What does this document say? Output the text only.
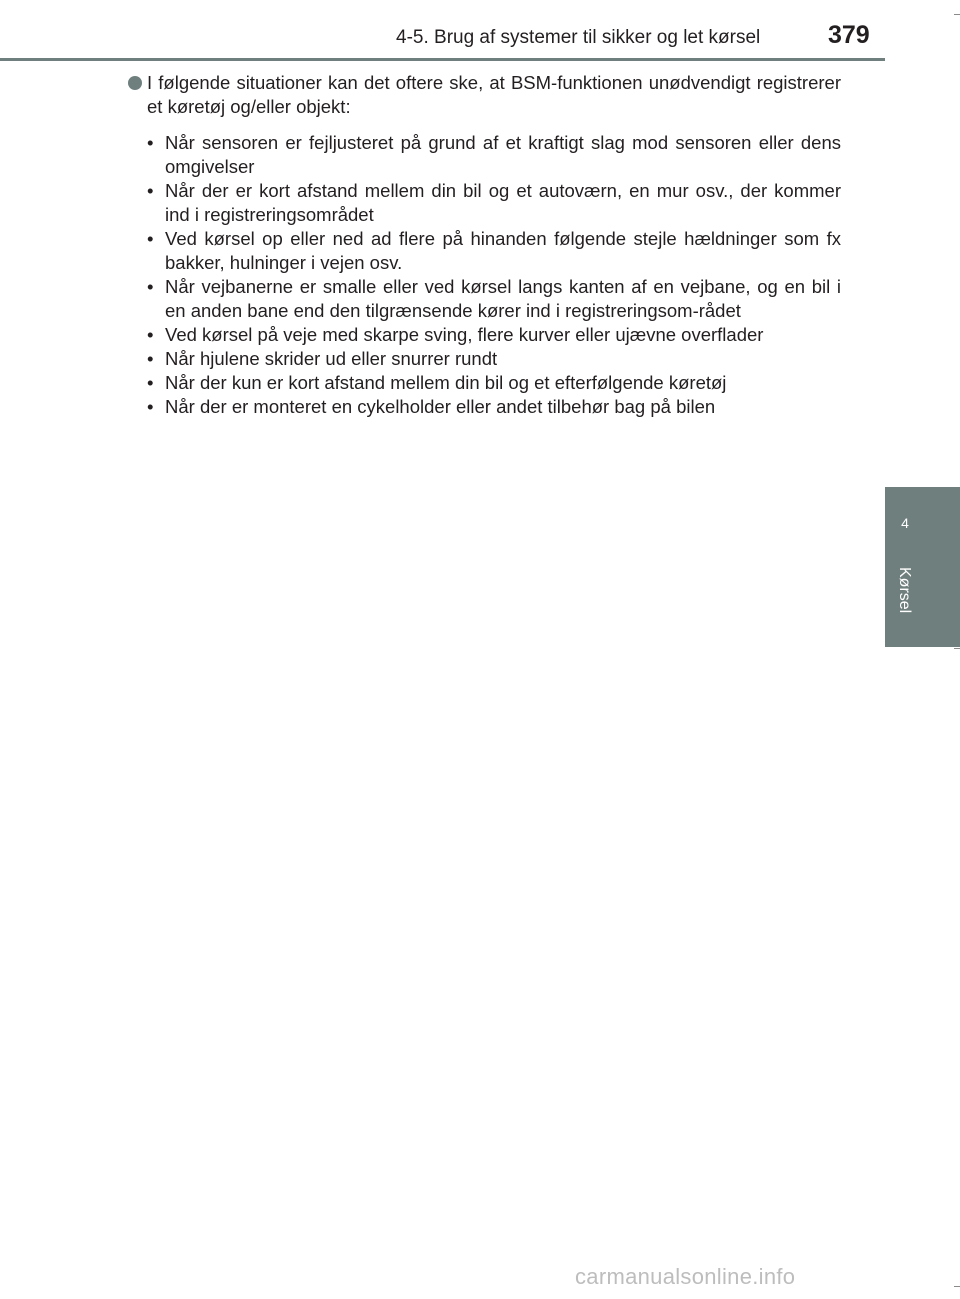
4-5. Brug af systemer til sikker og let kørsel	379
4
Kørsel

I følgende situationer kan det oftere ske, at BSM-funktionen unødvendigt registrerer et køretøj og/eller objekt:

• Når sensoren er fejljusteret på grund af et kraftigt slag mod sensoren eller dens omgivelser
• Når der er kort afstand mellem din bil og et autoværn, en mur osv., der kommer ind i registreringsområdet
• Ved kørsel op eller ned ad flere på hinanden følgende stejle hældninger som fx bakker, hulninger i vejen osv.
• Når vejbanerne er smalle eller ved kørsel langs kanten af en vejbane, og en bil i en anden bane end den tilgrænsende kører ind i registreringsom-rådet
• Ved kørsel på veje med skarpe sving, flere kurver eller ujævne overflader
• Når hjulene skrider ud eller snurrer rundt
• Når der kun er kort afstand mellem din bil og et efterfølgende køretøj
• Når der er monteret en cykelholder eller andet tilbehør bag på bilen
carmanualsonline.info
